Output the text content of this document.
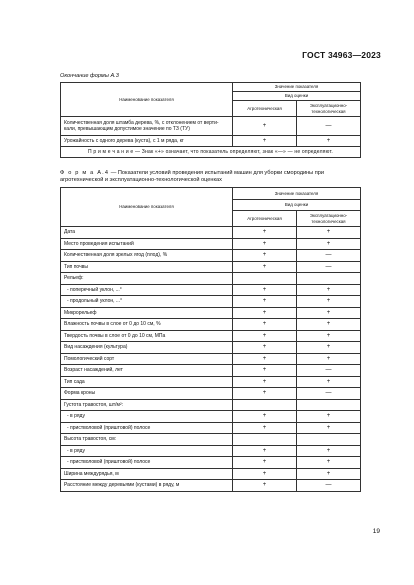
ГОСТ 34963—2023
Окончание формы А.3
Наименование показателя	Значение показателя	
	Вид оценки	
	Агротехническая	Эксплуатационно-технологическая
Количественная доля штамба дерева, %, с отклонением от верти-кали, превышающим допустимое значение по ТЗ (ТУ)	+	—
Урожайность с одного дерева (куста), с 1 м ряда, кг	+	+
П р и м е ч а н и е — Знак «+» означает, что показатель определяют, знак «—» — не определяют.		
Ф о р м а А.4 — Показатели условий проведения испытаний машин для уборки смородины при агротехнической и эксплуатационно-технологической оценках
Наименование показателя	Значение показателя	
	Вид оценки	
	Агротехническая	Эксплуатационно-технологическая
Дата	+	+
Место проведения испытаний	+	+
Количественная доля зрелых ягод (плод), %	+	—
Тип почвы	+	—
Рельеф:		
- поперечный уклон, ...°	+	+
- продольный уклон, ...°	+	+
Микрорельеф	+	+
Влажность почвы в слое от 0 до 10 см, %	+	+
Твердость почвы в слое от 0 до 10 см, МПа	+	+
Вид насаждения (культура)	+	+
Помологический сорт	+	+
Возраст насаждений, лет	+	—
Тип сада	+	+
Форма кроны	+	—
Густота травостоя, шт/м²:		
- в ряду	+	+
- пристволовой (приштовой) полосе	+	+
Высота травостоя, см:		
- в ряду	+	+
- пристволовой (приштовой) полосе	+	+
Ширина междурядья, м	+	+
Расстояние между деревьями (кустами) в ряду, м	+	—
19
